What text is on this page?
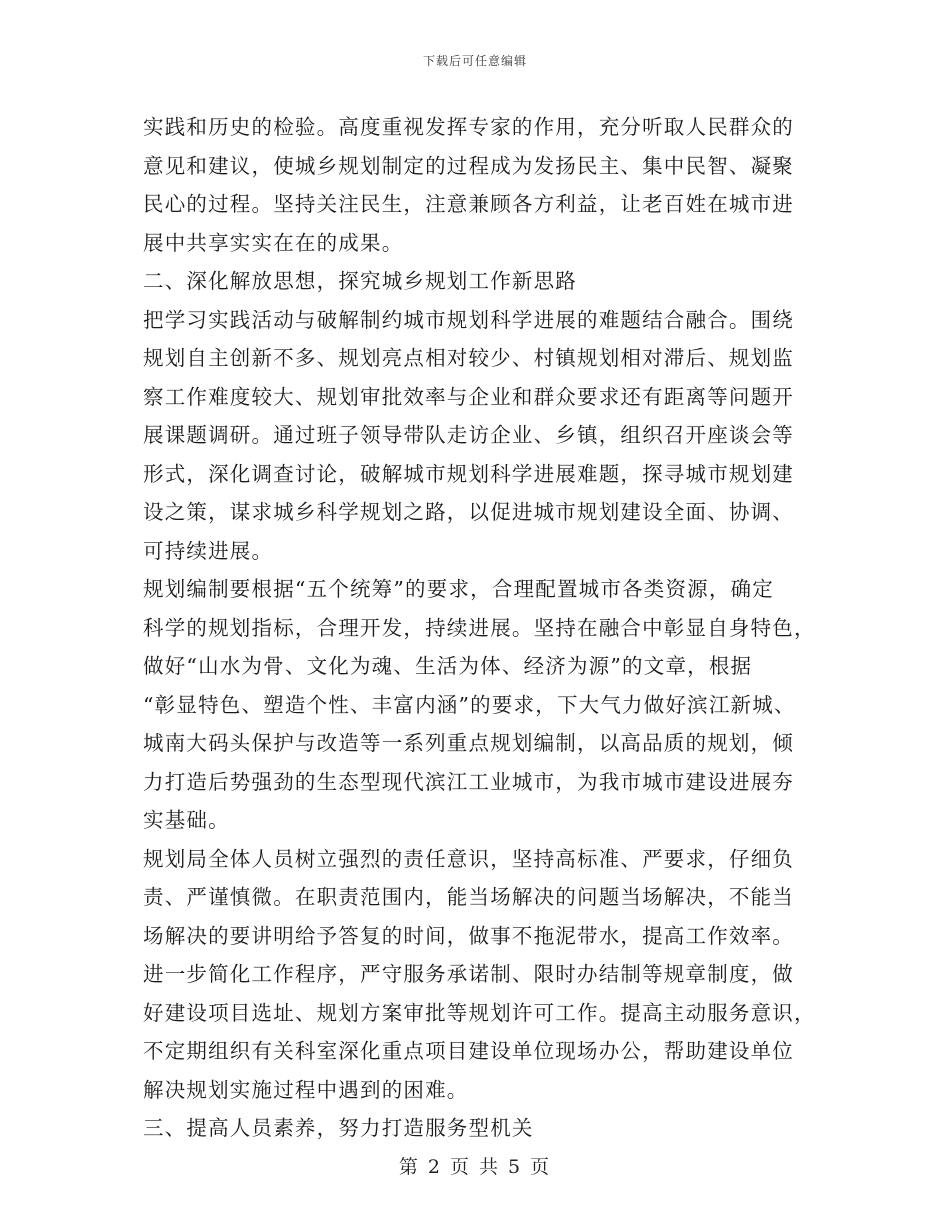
下载后可任意编辑
实践和历史的检验。高度重视发挥专家的作用，充分听取人民群众的
意见和建议，使城乡规划制定的过程成为发扬民主、集中民智、凝聚
民心的过程。坚持关注民生，注意兼顾各方利益，让老百姓在城市进
展中共享实实在在的成果。
二、深化解放思想，探究城乡规划工作新思路
把学习实践活动与破解制约城市规划科学进展的难题结合融合。围绕
规划自主创新不多、规划亮点相对较少、村镇规划相对滞后、规划监
察工作难度较大、规划审批效率与企业和群众要求还有距离等问题开
展课题调研。通过班子领导带队走访企业、乡镇，组织召开座谈会等
形式，深化调查讨论，破解城市规划科学进展难题，探寻城市规划建
设之策，谋求城乡科学规划之路，以促进城市规划建设全面、协调、
可持续进展。
规划编制要根据“五个统筹”的要求，合理配置城市各类资源，确定
科学的规划指标，合理开发，持续进展。坚持在融合中彰显自身特色，
做好“山水为骨、文化为魂、生活为体、经济为源”的文章，根据
“彰显特色、塑造个性、丰富内涵”的要求，下大气力做好滨江新城、
城南大码头保护与改造等一系列重点规划编制，以高品质的规划，倾
力打造后势强劲的生态型现代滨江工业城市，为我市城市建设进展夯
实基础。
规划局全体人员树立强烈的责任意识，坚持高标准、严要求，仔细负
责、严谨慎微。在职责范围内，能当场解决的问题当场解决，不能当
场解决的要讲明给予答复的时间，做事不拖泥带水，提高工作效率。
进一步简化工作程序，严守服务承诺制、限时办结制等规章制度，做
好建设项目选址、规划方案审批等规划许可工作。提高主动服务意识，
不定期组织有关科室深化重点项目建设单位现场办公，帮助建设单位
解决规划实施过程中遇到的困难。
三、提高人员素养，努力打造服务型机关
第 2 页 共 5 页
